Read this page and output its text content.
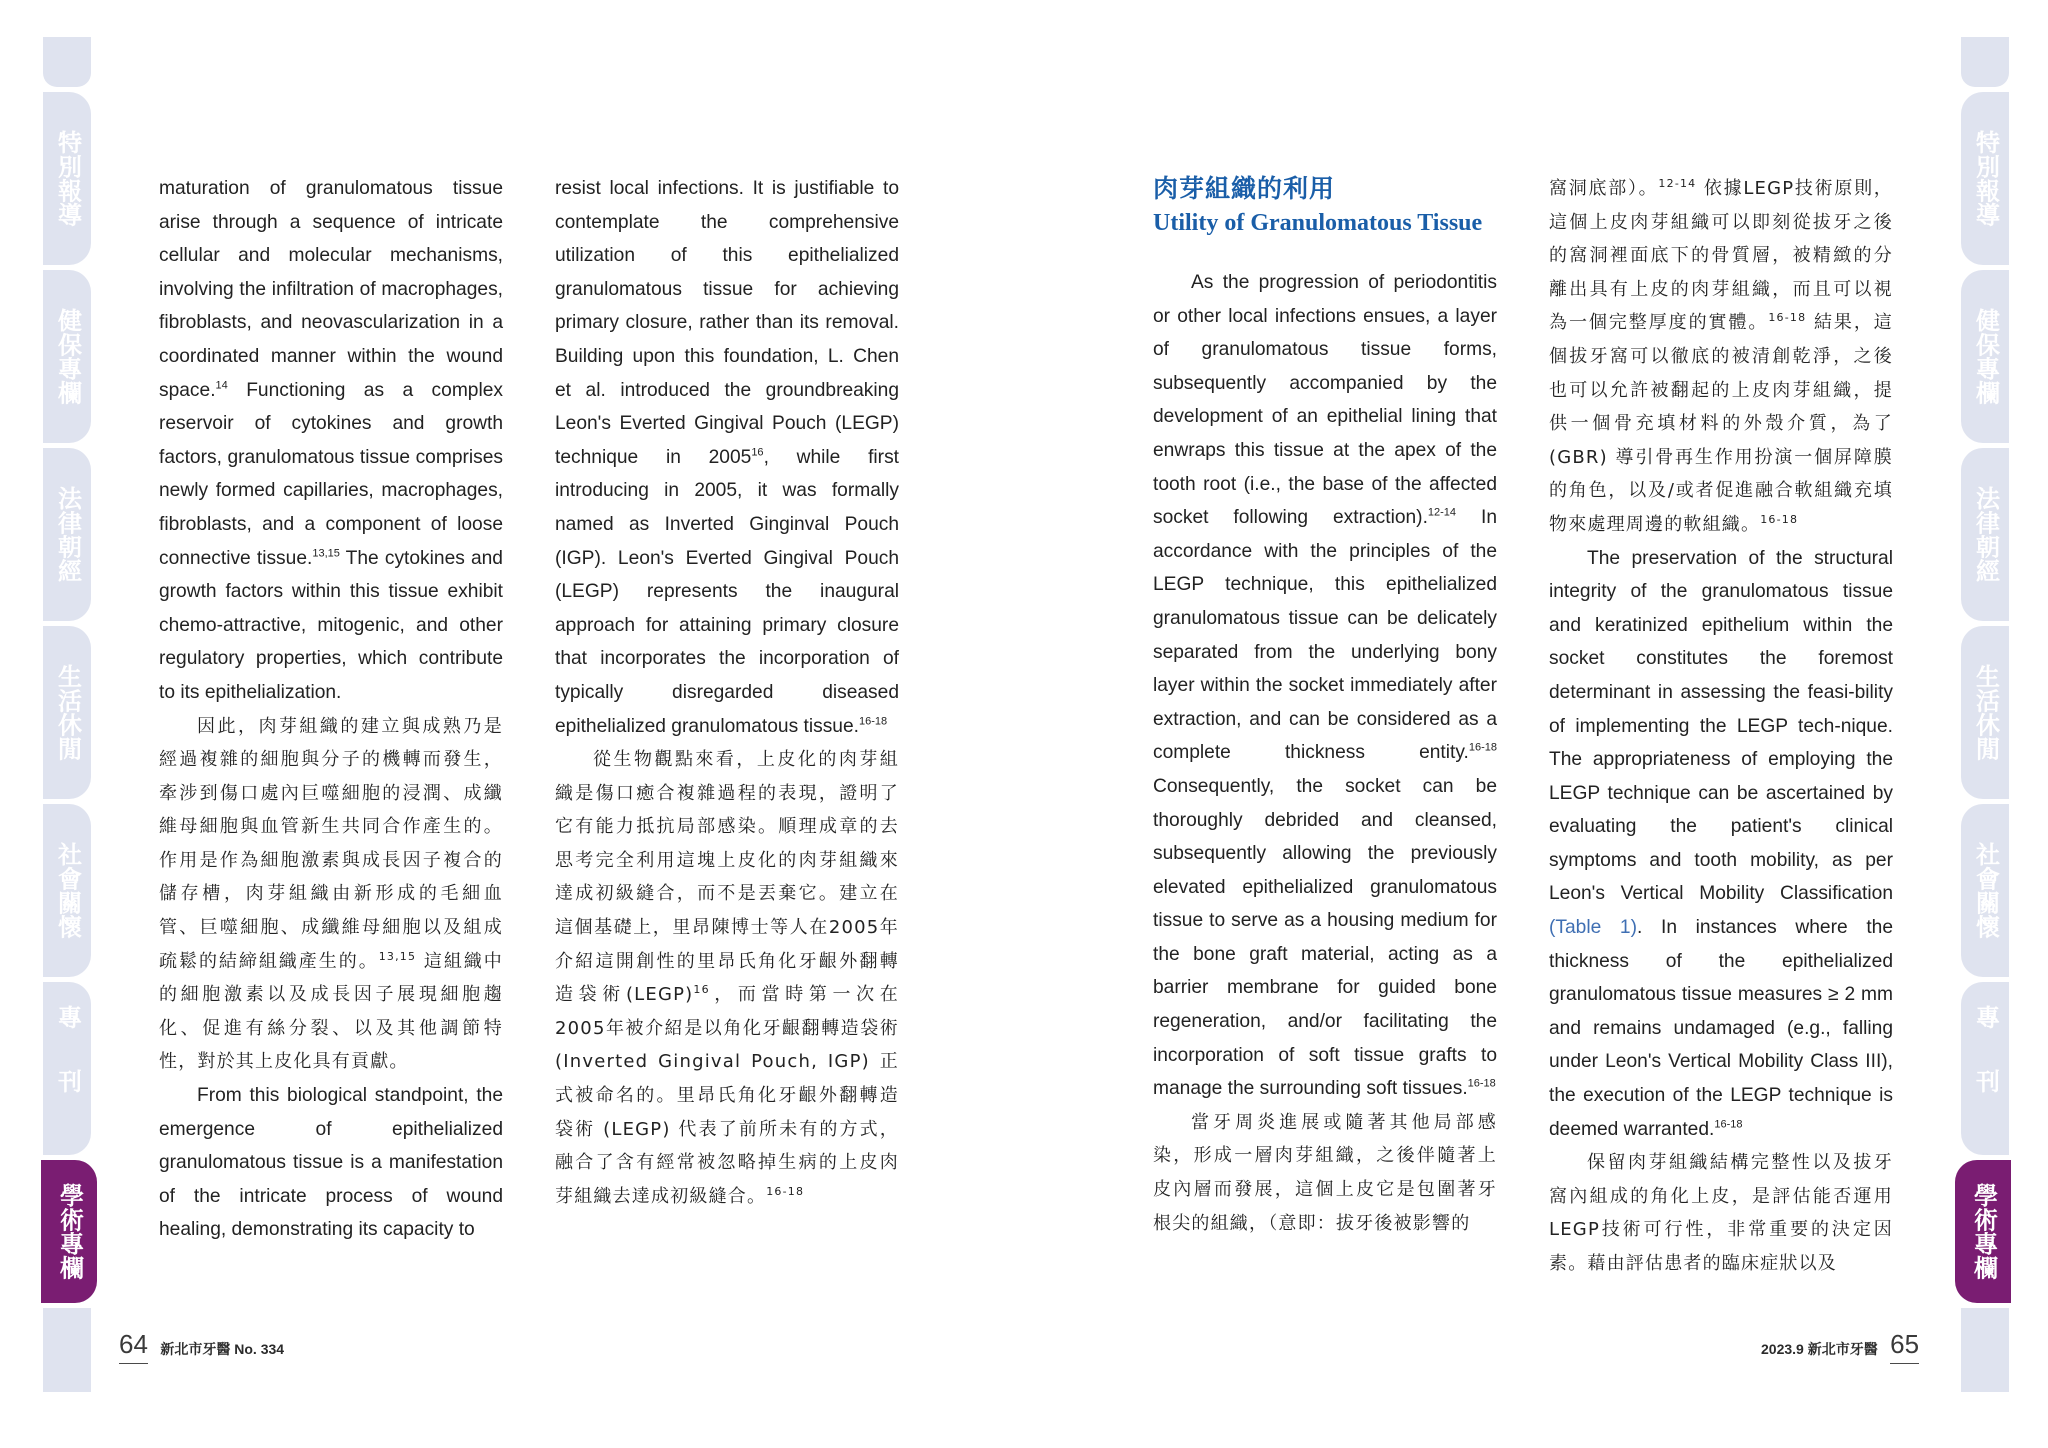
特別報導
健保專欄
法律朝經
生活休閒
社會關懷
專刊
學術專欄
特別報導
健保專欄
法律朝經
生活休閒
社會關懷
專刊
學術專欄

maturation of granulomatous tissue arise through a sequence of intricate cellular and molecular mechanisms, involving the infiltration of macrophages, fibroblasts, and neovascularization in a coordinated manner within the wound space.$^{14}$ Functioning as a complex reservoir of cytokines and growth factors, granulomatous tissue comprises newly formed capillaries, macrophages, fibroblasts, and a component of loose connective tissue.$^{13,15}$ The cytokines and growth factors within this tissue exhibit chemo-attractive, mitogenic, and other regulatory properties, which contribute to its epithelialization.

因此，肉芽組織的建立與成熟乃是經過複雜的細胞與分子的機轉而發生，牽涉到傷口處內巨噬細胞的浸潤、成纖維母細胞與血管新生共同合作產生的。作用是作為細胞激素與成長因子複合的儲存槽，肉芽組織由新形成的毛細血管、巨噬細胞、成纖維母細胞以及組成疏鬆的結締組織產生的。$^{13,15}$ 這組織中的細胞激素以及成長因子展現細胞趨化、促進有絲分裂、以及其他調節特性，對於其上皮化具有貢獻。

From this biological standpoint, the emergence of epithelialized granulomatous tissue is a manifestation of the intricate process of wound healing, demonstrating its capacity to

resist local infections. It is justifiable to contemplate the comprehensive utilization of this epithelialized granulomatous tissue for achieving primary closure, rather than its removal. Building upon this foundation, L. Chen et al. introduced the groundbreaking Leon's Everted Gingival Pouch (LEGP) technique in 2005$^{16}$, while first introducing in 2005, it was formally named as Inverted Ginginval Pouch (IGP). Leon's Everted Gingival Pouch (LEGP) represents the inaugural approach for attaining primary closure that incorporates the incorporation of typically disregarded diseased epithelialized granulomatous tissue.$^{16-18}$

從生物觀點來看，上皮化的肉芽組織是傷口癒合複雜過程的表現，證明了它有能力抵抗局部感染。順理成章的去思考完全利用這塊上皮化的肉芽組織來達成初級縫合，而不是丟棄它。建立在這個基礎上，里昂陳博士等人在2005年介紹這開創性的里昂氏角化牙齦外翻轉造袋術(LEGP)$^{16}$，而當時第一次在2005年被介紹是以角化牙齦翻轉造袋術 (Inverted Gingival Pouch, IGP) 正式被命名的。里昂氏角化牙齦外翻轉造袋術 (LEGP) 代表了前所未有的方式，融合了含有經常被忽略掉生病的上皮肉芽組織去達成初級縫合。$^{16-18}$

肉芽組織的利用
Utility of Granulomatous Tissue

As the progression of periodontitis or other local infections ensues, a layer of granulomatous tissue forms, subsequently accompanied by the development of an epithelial lining that enwraps this tissue at the apex of the tooth root (i.e., the base of the affected socket following extraction).$^{12-14}$ In accordance with the principles of the LEGP technique, this epithelialized granulomatous tissue can be delicately separated from the underlying bony layer within the socket immediately after extraction, and can be considered as a complete thickness entity.$^{16-18}$ Consequently, the socket can be thoroughly debrided and cleansed, subsequently allowing the previously elevated epithelialized granulomatous tissue to serve as a housing medium for the bone graft material, acting as a barrier membrane for guided bone regeneration, and/or facilitating the incorporation of soft tissue grafts to manage the surrounding soft tissues.$^{16-18}$

當牙周炎進展或隨著其他局部感染，形成一層肉芽組織，之後伴隨著上皮內層而發展，這個上皮它是包圍著牙根尖的組織，（意即：拔牙後被影響的

窩洞底部）。$^{12-14}$ 依據LEGP技術原則，這個上皮肉芽組織可以即刻從拔牙之後的窩洞裡面底下的骨質層，被精緻的分離出具有上皮的肉芽組織，而且可以視為一個完整厚度的實體。$^{16-18}$ 結果，這個拔牙窩可以徹底的被清創乾淨，之後也可以允許被翻起的上皮肉芽組織，提供一個骨充填材料的外殼介質，為了(GBR) 導引骨再生作用扮演一個屏障膜的角色，以及/或者促進融合軟組織充填物來處理周邊的軟組織。$^{16-18}$

The preservation of the structural integrity of the granulomatous tissue and keratinized epithelium within the socket constitutes the foremost determinant in assessing the feasi-bility of implementing the LEGP tech-nique. The appropriateness of employing the LEGP technique can be ascertained by evaluating the patient's clinical symptoms and tooth mobility, as per Leon's Vertical Mobility Classification (Table 1). In instances where the thickness of the epithelialized granulomatous tissue measures ≥ 2 mm and remains undamaged (e.g., falling under Leon's Vertical Mobility Class III), the execution of the LEGP technique is deemed warranted.$^{16-18}$

保留肉芽組織結構完整性以及拔牙窩內組成的角化上皮，是評估能否運用LEGP技術可行性，非常重要的決定因素。藉由評估患者的臨床症狀以及

64 新北市牙醫 No. 334	2023.9 新北市牙醫 65
